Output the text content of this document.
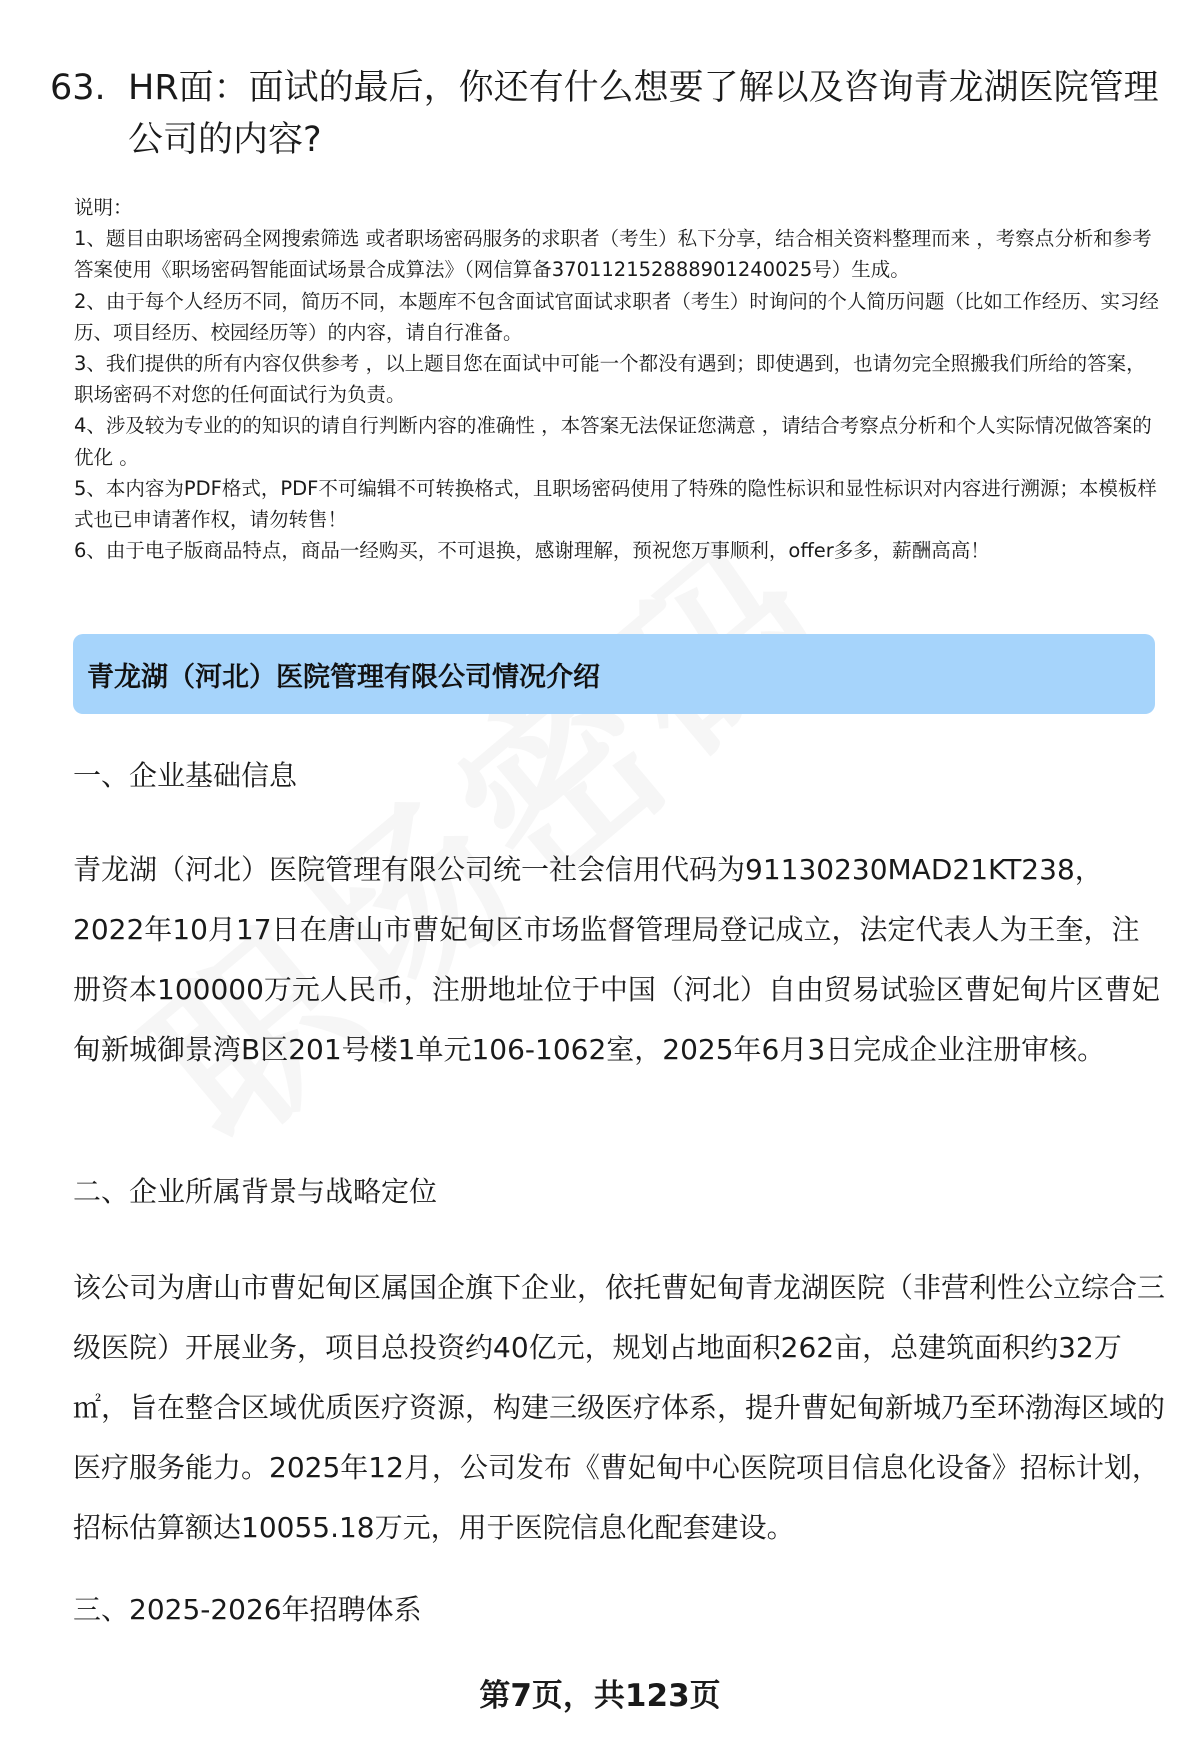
63. HR面：面试的最后，你还有什么想要了解以及咨询青龙湖医院管理公司的内容?

说明：

1、题目由职场密码全网搜索筛选 或者职场密码服务的求职者（考生）私下分享，结合相关资料整理而来 ，考察点分析和参考答案使用《职场密码智能面试场景合成算法》（网信算备370112152888901240025号）生成。

2、由于每个人经历不同，简历不同，本题库不包含面试官面试求职者（考生）时询问的个人简历问题（比如工作经历、实习经历、项目经历、校园经历等）的内容，请自行准备。

3、我们提供的所有内容仅供参考 ，以上题目您在面试中可能一个都没有遇到；即使遇到，也请勿完全照搬我们所给的答案，职场密码不对您的任何面试行为负责。

4、涉及较为专业的的知识的请自行判断内容的准确性 ，本答案无法保证您满意 ，请结合考察点分析和个人实际情况做答案的优化 。

5、本内容为PDF格式，PDF不可编辑不可转换格式，且职场密码使用了特殊的隐性标识和显性标识对内容进行溯源；本模板样式也已申请著作权，请勿转售！

6、由于电子版商品特点，商品一经购买，不可退换，感谢理解，预祝您万事顺利，offer多多，薪酬高高！

青龙湖（河北）医院管理有限公司情况介绍
一、企业基础信息

青龙湖（河北）医院管理有限公司统一社会信用代码为91130230MAD21KT238，2022年10月17日在唐山市曹妃甸区市场监督管理局登记成立，法定代表人为王奎，注册资本100000万元人民币，注册地址位于中国（河北）自由贸易试验区曹妃甸片区曹妃甸新城御景湾B区201号楼1单元106-1062室，2025年6月3日完成企业注册审核。

二、企业所属背景与战略定位

该公司为唐山市曹妃甸区属国企旗下企业，依托曹妃甸青龙湖医院（非营利性公立综合三级医院）开展业务，项目总投资约40亿元，规划占地面积262亩，总建筑面积约32万㎡，旨在整合区域优质医疗资源，构建三级医疗体系，提升曹妃甸新城乃至环渤海区域的医疗服务能力。2025年12月，公司发布《曹妃甸中心医院项目信息化设备》招标计划，招标估算额达10055.18万元，用于医院信息化配套建设。

三、2025-2026年招聘体系
第7页，共123页
